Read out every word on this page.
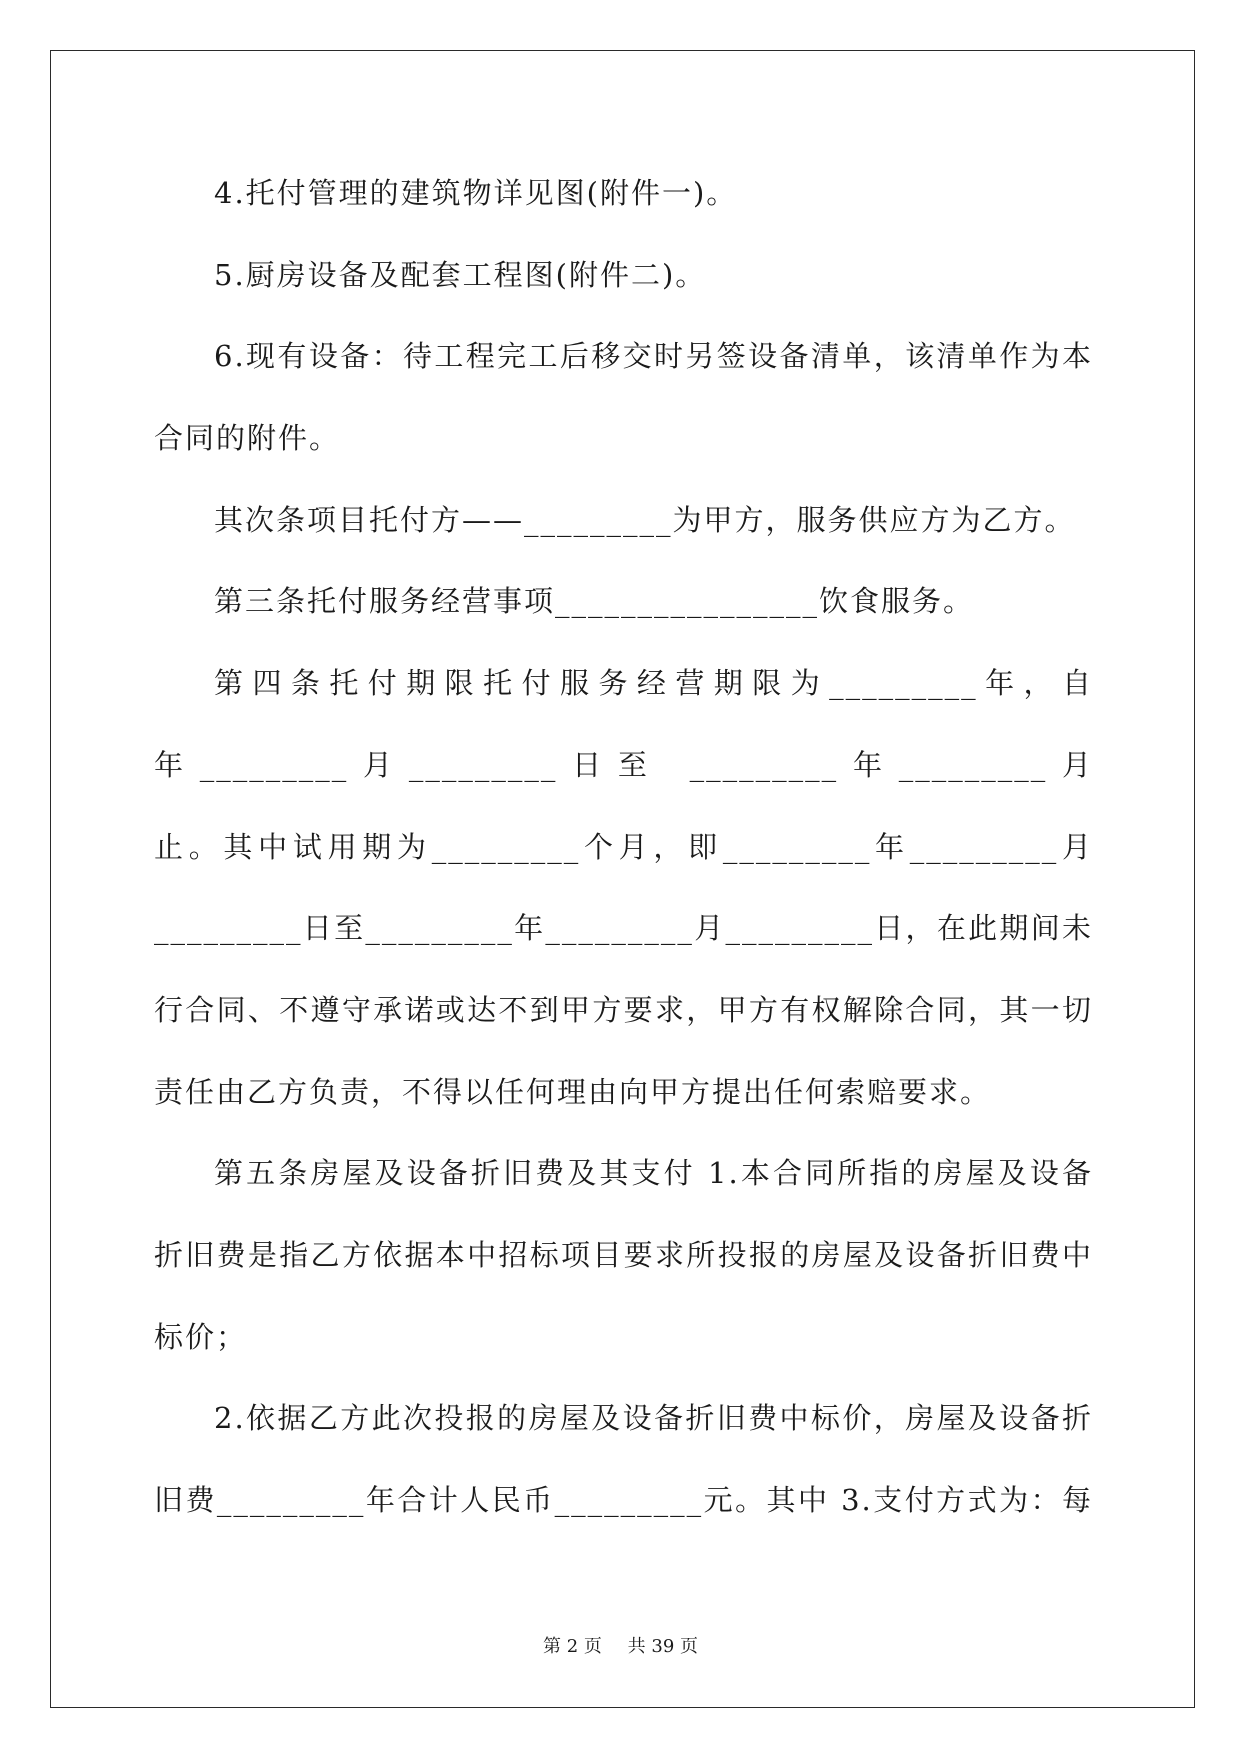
4.托付管理的建筑物详见图(附件一)。
5.厨房设备及配套工程图(附件二)。
6.现有设备：待工程完工后移交时另签设备清单，该清单作为本
合同的附件。
其次条项目托付方——_________为甲方，服务供应方为乙方。
第三条托付服务经营事项________________饮食服务。
第四条托付期限托付服务经营期限为_________年，自
年_________月_________日至 _________年_________月
止。其中试用期为_________个月，即_________年_________月
_________日至_________年_________月_________日，在此期间未
行合同、不遵守承诺或达不到甲方要求，甲方有权解除合同，其一切
责任由乙方负责，不得以任何理由向甲方提出任何索赔要求。
第五条房屋及设备折旧费及其支付 1.本合同所指的房屋及设备
折旧费是指乙方依据本中招标项目要求所投报的房屋及设备折旧费中
标价；
2.依据乙方此次投报的房屋及设备折旧费中标价，房屋及设备折
旧费_________年合计人民币_________元。其中 3.支付方式为：每
第 2 页 共 39 页
